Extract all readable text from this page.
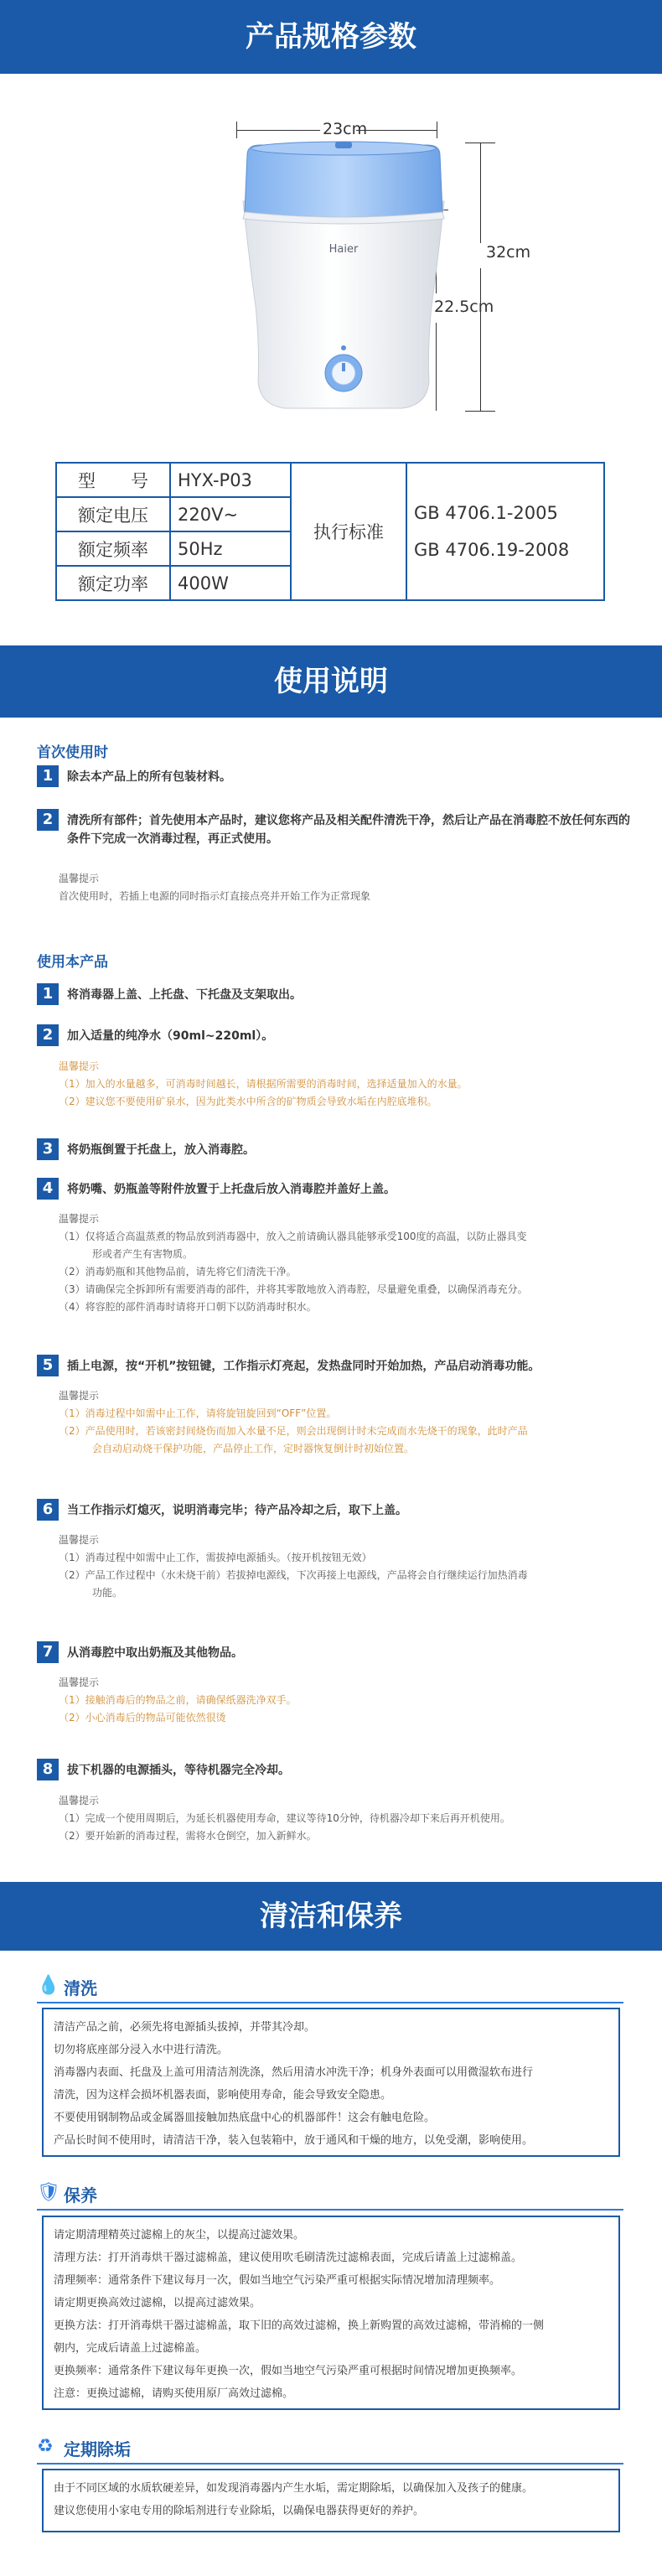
产品规格参数
23cm
32cm
22.5cm
Haier
型　　号	HYX-P03	执行标准	GB 4706.1-2005
GB 4706.19-2008

额定电压	220V~		
额定频率	50Hz		
额定功率	400W		
使用说明
首次使用时
1	除去本产品上的所有包装材料。
2	清洗所有部件；首先使用本产品时，建议您将产品及相关配件清洗干净，然后让产品在消毒腔不放任何东西的条件下完成一次消毒过程，再正式使用。
温馨提示
首次使用时，若插上电源的同时指示灯直接点亮并开始工作为正常现象
使用本产品
1	将消毒器上盖、上托盘、下托盘及支架取出。
2	加入适量的纯净水（90ml~220ml）。
温馨提示
（1）加入的水量越多，可消毒时间越长，请根据所需要的消毒时间，选择适量加入的水量。
（2）建议您不要使用矿泉水，因为此类水中所含的矿物质会导致水垢在内腔底堆积。
3	将奶瓶倒置于托盘上，放入消毒腔。
4	将奶嘴、奶瓶盖等附件放置于上托盘后放入消毒腔并盖好上盖。
温馨提示
（1）仅将适合高温蒸煮的物品放到消毒器中，放入之前请确认器具能够承受100度的高温，以防止器具变
形或者产生有害物质。
（2）消毒奶瓶和其他物品前，请先将它们清洗干净。
（3）请确保完全拆卸所有需要消毒的部件，并将其零散地放入消毒腔，尽量避免重叠，以确保消毒充分。
（4）将容腔的部件消毒时请将开口朝下以防消毒时积水。
5	插上电源，按“开机”按钮键，工作指示灯亮起，发热盘同时开始加热，产品启动消毒功能。
温馨提示
（1）消毒过程中如需中止工作，请将旋钮旋回到“OFF”位置。
（2）产品使用时，若该密封间烧伤而加入水量不足，则会出现倒计时未完成而水先烧干的现象，此时产品
会自动启动烧干保护功能，产品停止工作，定时器恢复倒计时初始位置。
6	当工作指示灯熄灭，说明消毒完毕；待产品冷却之后，取下上盖。
温馨提示
（1）消毒过程中如需中止工作，需拔掉电源插头。（按开机按钮无效）
（2）产品工作过程中（水未烧干前）若拔掉电源线，下次再接上电源线，产品将会自行继续运行加热消毒
功能。
7	从消毒腔中取出奶瓶及其他物品。
温馨提示
（1）接触消毒后的物品之前，请确保纸器洗净双手。
（2）小心消毒后的物品可能依然很烫
8	拔下机器的电源插头，等待机器完全冷却。
温馨提示
（1）完成一个使用周期后，为延长机器使用寿命，建议等待10分钟，待机器冷却下来后再开机使用。
（2）要开始新的消毒过程，需将水仓倒空，加入新鲜水。
清洁和保养
💧 清洗
清洁产品之前，必须先将电源插头拔掉，并带其冷却。
切勿将底座部分浸入水中进行清洗。
消毒器内表面、托盘及上盖可用清洁剂洗涤，然后用清水冲洗干净；机身外表面可以用微湿软布进行
清洗，因为这样会损坏机器表面，影响使用寿命，能会导致安全隐患。
不要使用钢制物品或金属器皿接触加热底盘中心的机器部件！这会有触电危险。
产品长时间不使用时，请清洁干净，装入包装箱中，放于通风和干燥的地方，以免受潮，影响使用。
🛡 保养
请定期清理精英过滤棉上的灰尘，以提高过滤效果。
清理方法：打开消毒烘干器过滤棉盖，建议使用吹毛刷清洗过滤棉表面，完成后请盖上过滤棉盖。
清理频率：通常条件下建议每月一次，假如当地空气污染严重可根据实际情况增加清理频率。
请定期更换高效过滤棉，以提高过滤效果。
更换方法：打开消毒烘干器过滤棉盖，取下旧的高效过滤棉，换上新购置的高效过滤棉，带消棉的一侧
朝内，完成后请盖上过滤棉盖。
更换频率：通常条件下建议每年更换一次，假如当地空气污染严重可根据时间情况增加更换频率。
注意：更换过滤棉，请购买使用原厂高效过滤棉。
♻ 定期除垢
由于不同区域的水质软硬差异，如发现消毒器内产生水垢，需定期除垢，以确保加入及孩子的健康。
建议您使用小家电专用的除垢剂进行专业除垢，以确保电器获得更好的养护。
